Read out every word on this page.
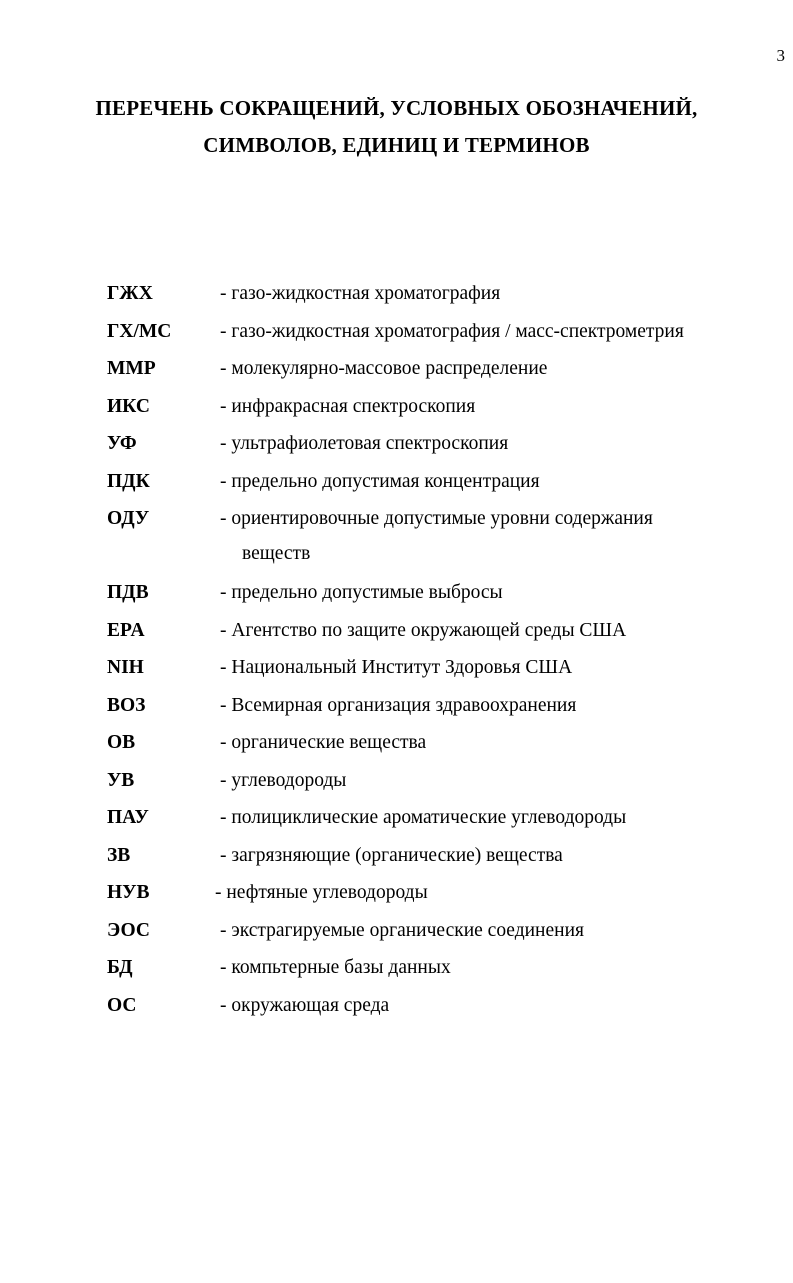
3
ПЕРЕЧЕНЬ СОКРАЩЕНИЙ, УСЛОВНЫХ ОБОЗНАЧЕНИЙ,
СИМВОЛОВ, ЕДИНИЦ И ТЕРМИНОВ
ГЖХ	- газо-жидкостная хроматография
ГХ/МС - газо-жидкостная хроматография / масс-спектрометрия
ММР	- молекулярно-массовое распределение
ИКС	- инфракрасная спектроскопия
УФ	- ультрафиолетовая спектроскопия
ПДК	- предельно допустимая концентрация
ОДУ	- ориентировочные допустимые уровни содержания
веществ
ПДВ	- предельно допустимые выбросы
EPA	- Агентство по защите окружающей среды США
NIH	- Национальный Институт Здоровья США
ВОЗ	- Всемирная организация здравоохранения
ОВ	- органические вещества
УВ	- углеводороды
ПАУ	- полициклические ароматические углеводороды
ЗВ	- загрязняющие (органические) вещества
НУВ	- нефтяные углеводороды
ЭОС	- экстрагируемые органические соединения
БД	- компьтерные базы данных
ОС	- окружающая среда
